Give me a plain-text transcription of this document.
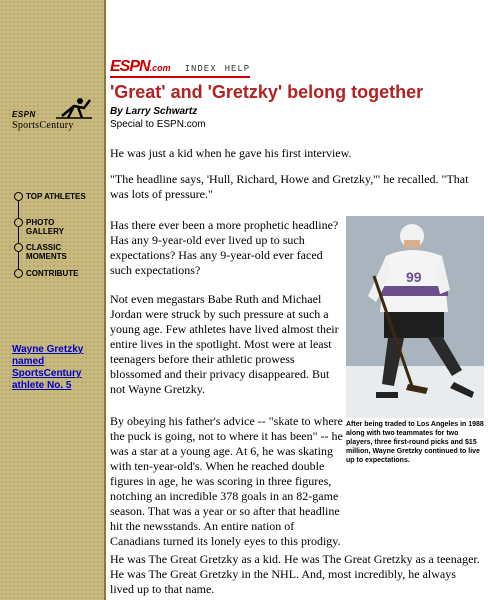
ESPN
SportsCentury
TOP ATHLETES
PHOTO
GALLERY
CLASSIC
MOMENTS
CONTRIBUTE
Wayne Gretzky named SportsCentury athlete No. 5
ESPN.com INDEX HELP
'Great' and 'Gretzky' belong together
By Larry Schwartz
Special to ESPN.com
He was just a kid when he gave his first interview.
"The headline says, 'Hull, Richard, Howe and Gretzky,'" he recalled. "That was lots of pressure."
Has there ever been a more prophetic headline? Has any 9-year-old ever lived up to such expectations? Has any 9-year-old ever faced such expectations?
Not even megastars Babe Ruth and Michael Jordan were struck by such pressure at such a young age. Few athletes have lived almost their entire lives in the spotlight. Most were at least teenagers before their athletic prowess blossomed and their privacy disappeared. But not Wayne Gretzky.
99
After being traded to Los Angeles in 1988 along with two teammates for two players, three first-round picks and $15 million, Wayne Gretzky continued to live up to expectations.
By obeying his father's advice -- "skate to where the puck is going, not to where it has been" -- he was a star at a young age. At 6, he was skating with ten-year-old's. When he reached double figures in age, he was scoring in three figures, notching an incredible 378 goals in an 82-game season. That was a year or so after that headline hit the newsstands. An entire nation of Canadians turned its lonely eyes to this prodigy.
He was The Great Gretzky as a kid. He was The Great Gretzky as a teenager. He was The Great Gretzky in the NHL. And, most incredibly, he always lived up to that name.
